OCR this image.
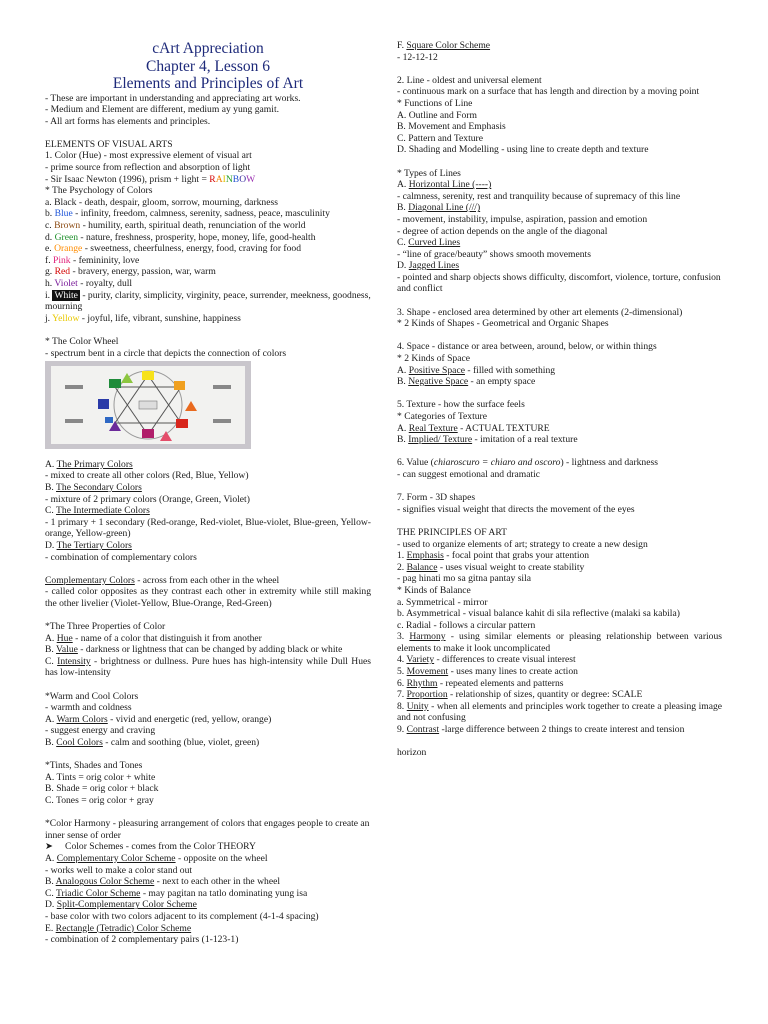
cArt Appreciation

Chapter 4, Lesson 6

Elements and Principles of Art

- These are important in understanding and appreciating art works.
- Medium and Element are different, medium ay yung gamit.
- All art forms has elements and principles.
ELEMENTS OF VISUAL ARTS
1. Color (Hue) - most expressive element of visual art
- prime source from reflection and absorption of light
- Sir Isaac Newton (1996), prism + light = RAINBOW
* The Psychology of Colors
a. Black - death, despair, gloom, sorrow, mourning, darkness
b. Blue - infinity, freedom, calmness, serenity, sadness, peace, masculinity
c. Brown - humility, earth, spiritual death, renunciation of the world
d. Green - nature, freshness, prosperity, hope, money, life, good-health
e. Orange - sweetness, cheerfulness, energy, food, craving for food
f. Pink - femininity, love
g. Red - bravery, energy, passion, war, warm
h. Violet - royalty, dull
i. White - purity, clarity, simplicity, virginity, peace, surrender, meekness, goodness, mourning
j. Yellow - joyful, life, vibrant, sunshine, happiness
* The Color Wheel
- spectrum bent in a circle that depicts the connection of colors
A. The Primary Colors
- mixed to create all other colors (Red, Blue, Yellow)
B. The Secondary Colors
- mixture of 2 primary colors (Orange, Green, Violet)
C. The Intermediate Colors
- 1 primary + 1 secondary (Red-orange, Red-violet, Blue-violet, Blue-green, Yellow-orange, Yellow-green)
D. The Tertiary Colors
- combination of complementary colors
Complementary Colors - across from each other in the wheel
- called color opposites as they contrast each other in extremity while still making the other livelier (Violet-Yellow, Blue-Orange, Red-Green)
*The Three Properties of Color
A. Hue - name of a color that distinguish it from another
B. Value - darkness or lightness that can be changed by adding black or white
C. Intensity - brightness or dullness. Pure hues has high-intensity while Dull Hues has low-intensity
*Warm and Cool Colors
- warmth and coldness
A. Warm Colors - vivid and energetic (red, yellow, orange)
- suggest energy and craving
B. Cool Colors - calm and soothing (blue, violet, green)
*Tints, Shades and Tones
A. Tints = orig color + white
B. Shade = orig color + black
C. Tones = orig color + gray
*Color Harmony - pleasuring arrangement of colors that engages people to create an inner sense of order
➤ Color Schemes - comes from the Color THEORY
A. Complementary Color Scheme - opposite on the wheel
- works well to make a color stand out
B. Analogous Color Scheme - next to each other in the wheel
C. Triadic Color Scheme - may pagitan na tatlo dominating yung isa
D. Split-Complementary Color Scheme
- base color with two colors adjacent to its complement (4-1-4 spacing)
E. Rectangle (Tetradic) Color Scheme
- combination of 2 complementary pairs (1-123-1)
F. Square Color Scheme
- 12-12-12
2. Line - oldest and universal element
- continuous mark on a surface that has length and direction by a moving point
* Functions of Line
A. Outline and Form
B. Movement and Emphasis
C. Pattern and Texture
D. Shading and Modelling - using line to create depth and texture
* Types of Lines
A. Horizontal Line (----)
- calmness, serenity, rest and tranquility because of supremacy of this line
B. Diagonal Line (///)
- movement, instability, impulse, aspiration, passion and emotion
- degree of action depends on the angle of the diagonal
C. Curved Lines
- “line of grace/beauty” shows smooth movements
D. Jagged Lines
- pointed and sharp objects shows difficulty, discomfort, violence, torture, confusion and conflict
3. Shape - enclosed area determined by other art elements (2-dimensional)
* 2 Kinds of Shapes - Geometrical and Organic Shapes
4. Space - distance or area between, around, below, or within things
* 2 Kinds of Space
A. Positive Space - filled with something
B. Negative Space - an empty space
5. Texture - how the surface feels
* Categories of Texture
A. Real Texture - ACTUAL TEXTURE
B. Implied/ Texture - imitation of a real texture
6. Value (chiaroscuro = chiaro and oscoro) - lightness and darkness
- can suggest emotional and dramatic
7. Form - 3D shapes
- signifies visual weight that directs the movement of the eyes
THE PRINCIPLES OF ART
- used to organize elements of art; strategy to create a new design
1. Emphasis - focal point that grabs your attention
2. Balance - uses visual weight to create stability
- pag hinati mo sa gitna pantay sila
* Kinds of Balance
a. Symmetrical - mirror
b. Asymmetrical - visual balance kahit di sila reflective (malaki sa kabila)
c. Radial - follows a circular pattern
3. Harmony - using similar elements or pleasing relationship between various elements to make it look uncomplicated
4. Variety - differences to create visual interest
5. Movement - uses many lines to create action
6. Rhythm - repeated elements and patterns
7. Proportion - relationship of sizes, quantity or degree: SCALE
8. Unity - when all elements and principles work together to create a pleasing image and not confusing
9. Contrast -large difference between 2 things to create interest and tension
horizon
